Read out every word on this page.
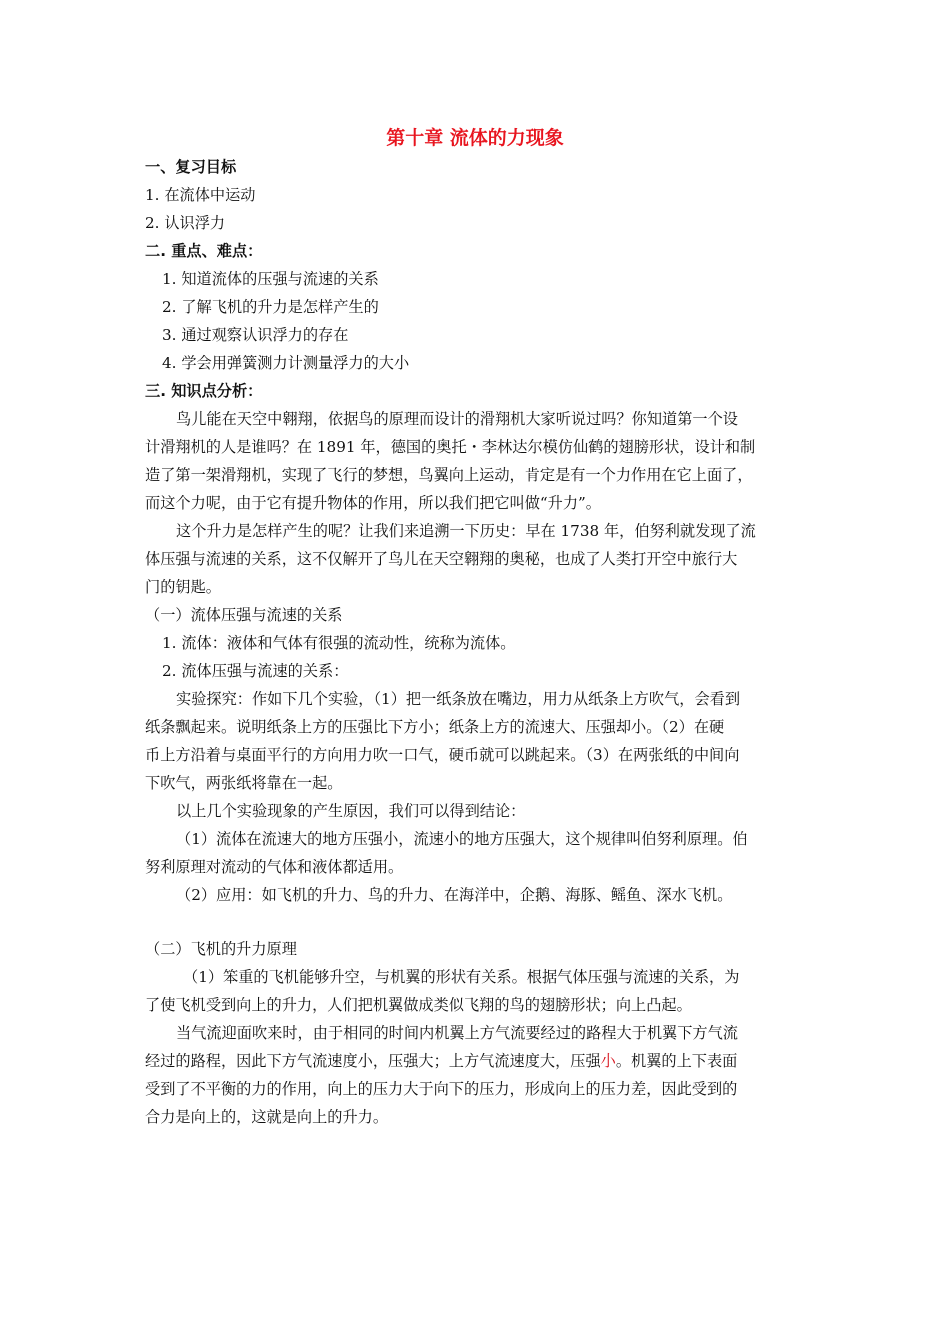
第十章 流体的力现象
一、复习目标
1. 在流体中运动
2. 认识浮力
二. 重点、难点：
1. 知道流体的压强与流速的关系
2. 了解飞机的升力是怎样产生的
3. 通过观察认识浮力的存在
4. 学会用弹簧测力计测量浮力的大小
三. 知识点分析：
鸟儿能在天空中翱翔，依据鸟的原理而设计的滑翔机大家听说过吗？你知道第一个设
计滑翔机的人是谁吗？在 1891 年，德国的奥托・李林达尔模仿仙鹤的翅膀形状，设计和制
造了第一架滑翔机，实现了飞行的梦想，鸟翼向上运动，肯定是有一个力作用在它上面了，
而这个力呢，由于它有提升物体的作用，所以我们把它叫做“升力”。
这个升力是怎样产生的呢？让我们来追溯一下历史：早在 1738 年，伯努利就发现了流
体压强与流速的关系，这不仅解开了鸟儿在天空翱翔的奥秘，也成了人类打开空中旅行大
门的钥匙。
（一）流体压强与流速的关系
1. 流体：液体和气体有很强的流动性，统称为流体。
2. 流体压强与流速的关系：
实验探究：作如下几个实验，（1）把一纸条放在嘴边，用力从纸条上方吹气，会看到
纸条飘起来。说明纸条上方的压强比下方小；纸条上方的流速大、压强却小。（2）在硬
币上方沿着与桌面平行的方向用力吹一口气，硬币就可以跳起来。（3）在两张纸的中间向
下吹气，两张纸将靠在一起。
以上几个实验现象的产生原因，我们可以得到结论：
（1）流体在流速大的地方压强小，流速小的地方压强大，这个规律叫伯努利原理。伯
努利原理对流动的气体和液体都适用。
（2）应用：如飞机的升力、鸟的升力、在海洋中，企鹅、海豚、鳐鱼、深水飞机。
（二）飞机的升力原理
（1）笨重的飞机能够升空，与机翼的形状有关系。根据气体压强与流速的关系，为
了使飞机受到向上的升力，人们把机翼做成类似飞翔的鸟的翅膀形状；向上凸起。
当气流迎面吹来时，由于相同的时间内机翼上方气流要经过的路程大于机翼下方气流
经过的路程，因此下方气流速度小，压强大；上方气流速度大，压强小。机翼的上下表面
受到了不平衡的力的作用，向上的压力大于向下的压力，形成向上的压力差，因此受到的
合力是向上的，这就是向上的升力。
